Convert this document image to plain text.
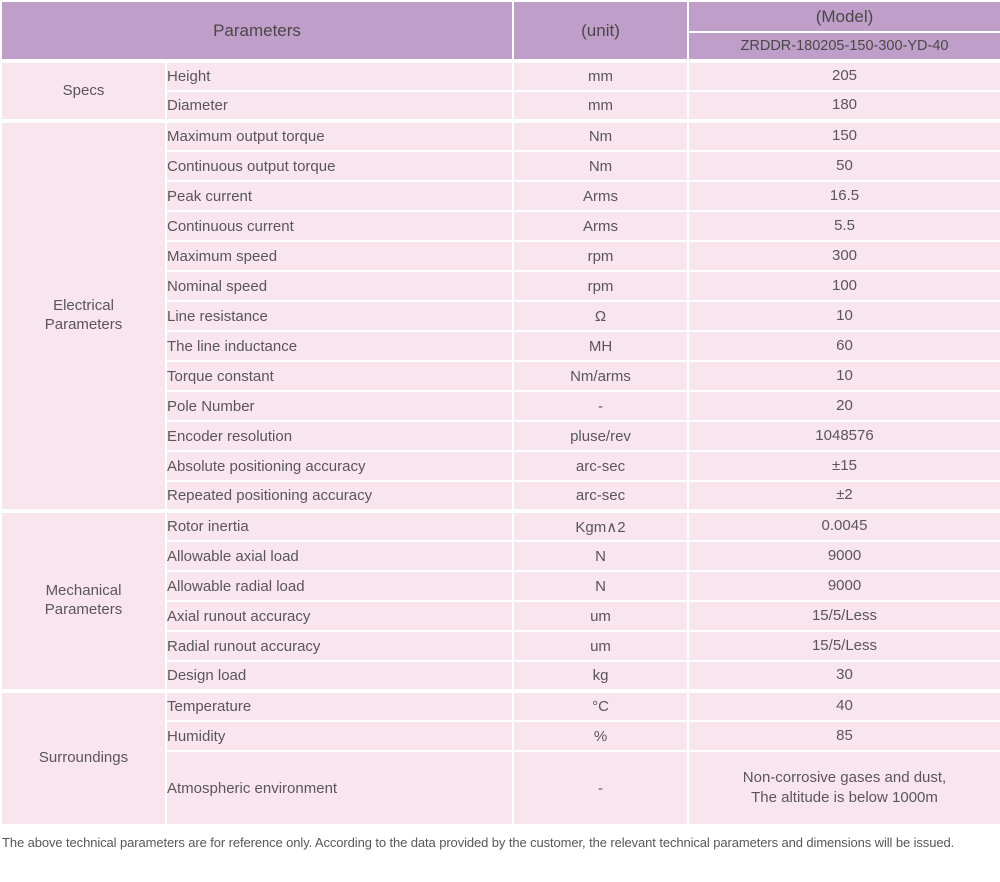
Parameters		(unit)	(Model)
			ZRDDR-180205-150-300-YD-40

Specs	Height	mm	205
	Diameter	mm	180

Electrical Parameters	Maximum output torque	Nm	150
	Continuous output torque	Nm	50
	Peak current	Arms	16.5
	Continuous current	Arms	5.5
	Maximum speed	rpm	300
	Nominal speed	rpm	100
	Line resistance	Ω	10
	The line inductance	MH	60
	Torque constant	Nm/arms	10
	Pole Number	-	20
	Encoder resolution	pluse/rev	1048576
	Absolute positioning accuracy	arc-sec	±15
	Repeated positioning accuracy	arc-sec	±2

Mechanical Parameters	Rotor inertia	Kgm∧2	0.0045
	Allowable axial load	N	9000
	Allowable radial load	N	9000
	Axial runout accuracy	um	15/5/Less
	Radial runout accuracy	um	15/5/Less
	Design load	kg	30

Surroundings	Temperature	°C	40
	Humidity	%	85
	Atmospheric environment	-	Non-corrosive gases and dust,
The altitude is below 1000m
The above technical parameters are for reference only. According to the data provided by the customer, the relevant technical parameters and dimensions will be issued.
